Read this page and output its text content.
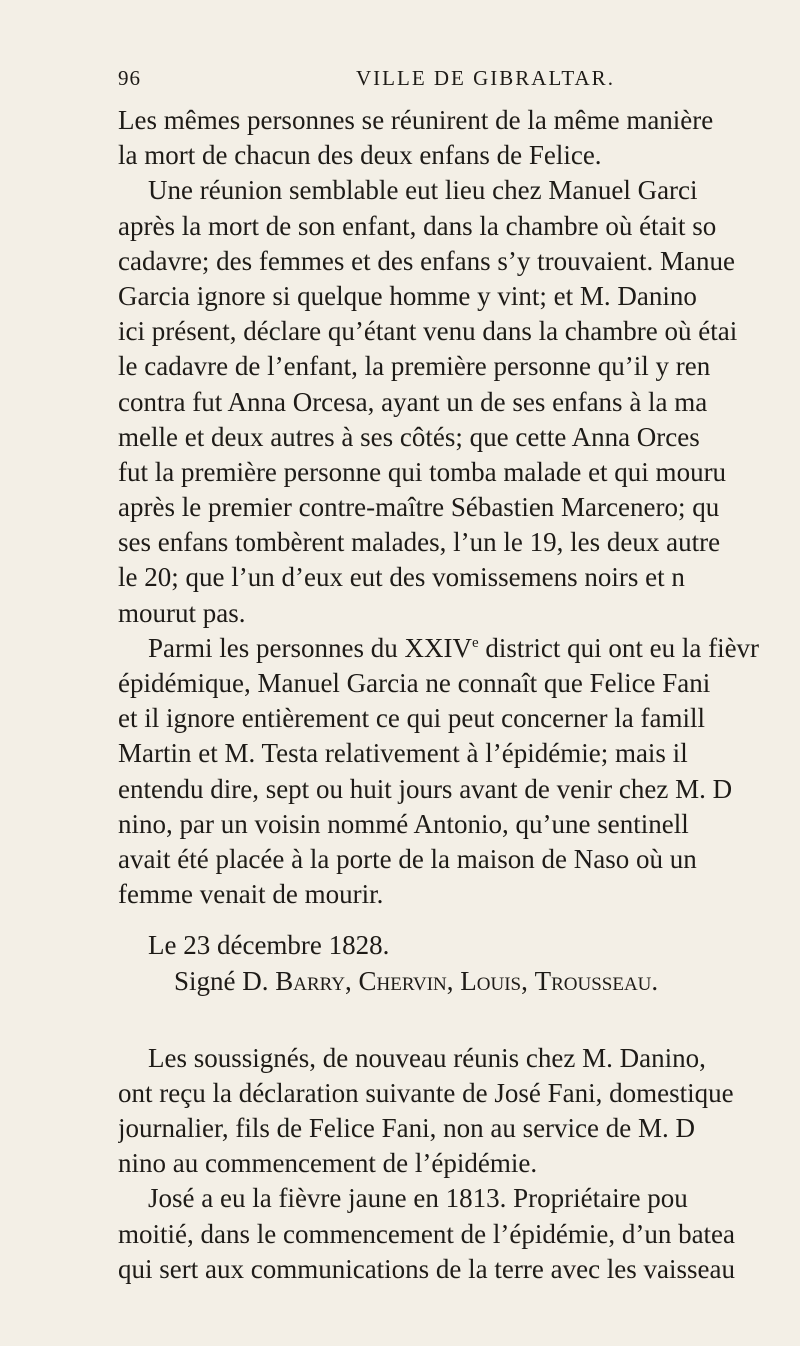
96	VILLE DE GIBRALTAR.
Les mêmes personnes se réunirent de la même manière
la mort de chacun des deux enfans de Felice.
Une réunion semblable eut lieu chez Manuel Garci
après la mort de son enfant, dans la chambre où était so
cadavre; des femmes et des enfans s’y trouvaient. Manue
Garcia ignore si quelque homme y vint; et M. Danino
ici présent, déclare qu’étant venu dans la chambre où étai
le cadavre de l’enfant, la première personne qu’il y ren
contra fut Anna Orcesa, ayant un de ses enfans à la ma
melle et deux autres à ses côtés; que cette Anna Orces
fut la première personne qui tomba malade et qui mouru
après le premier contre-maître Sébastien Marcenero; qu
ses enfans tombèrent malades, l’un le 19, les deux autre
le 20; que l’un d’eux eut des vomissemens noirs et n
mourut pas.
Parmi les personnes du XXIVe district qui ont eu la fièvr
épidémique, Manuel Garcia ne connaît que Felice Fani
et il ignore entièrement ce qui peut concerner la famill
Martin et M. Testa relativement à l’épidémie; mais il
entendu dire, sept ou huit jours avant de venir chez M. D
nino, par un voisin nommé Antonio, qu’une sentinell
avait été placée à la porte de la maison de Naso où un
femme venait de mourir.
Le 23 décembre 1828.
Signé D. Barry, Chervin, Louis, Trousseau.
Les soussignés, de nouveau réunis chez M. Danino,
ont reçu la déclaration suivante de José Fani, domestique
journalier, fils de Felice Fani, non au service de M. D
nino au commencement de l’épidémie.
José a eu la fièvre jaune en 1813. Propriétaire pou
moitié, dans le commencement de l’épidémie, d’un batea
qui sert aux communications de la terre avec les vaisseau
